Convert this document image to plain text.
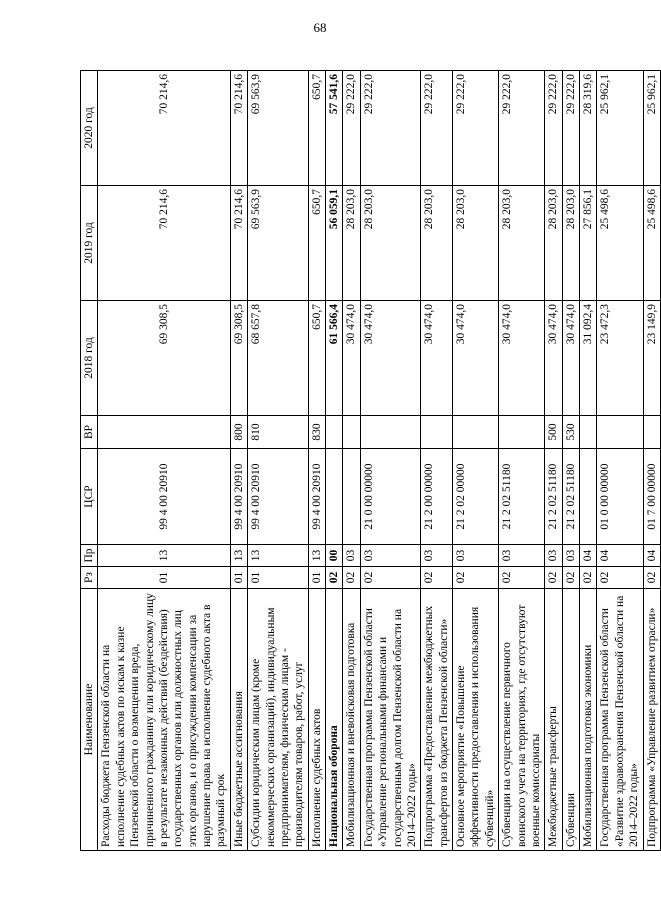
68
Наименование	Рз	Пр	ЦСР	ВР	2018 год	2019 год	2020 год
Расходы бюджета Пензенской области на исполнение судебных актов по искам к казне Пензенской области о возмещении вреда, причиненного гражданину или юридическому лицу в результате незаконных действий (бездействия) государственных органов или должностных лиц этих органов, и о присуждении компенсации за нарушение права на исполнение судебного акта в разумный срок	01	13	99 4 00 20910		69 308,5	70 214,6	70 214,6
Иные бюджетные ассигнования	01	13	99 4 00 20910	800	69 308,5	70 214,6	70 214,6
Субсидии юридическим лицам (кроме некоммерческих организаций), индивидуальным предпринимателям, физическим лицам - производителям товаров, работ, услуг	01	13	99 4 00 20910	810	68 657,8	69 563,9	69 563,9
Исполнение судебных актов	01	13	99 4 00 20910	830	650,7	650,7	650,7
Национальная оборона	02	00			61 566,4	56 059,1	57 541,6
Мобилизационная и вневойсковая подготовка	02	03			30 474,0	28 203,0	29 222,0
Государственная программа Пензенской области «Управление региональными финансами и государственным долгом Пензенской области на 2014–2022 годы»	02	03	21 0 00 00000		30 474,0	28 203,0	29 222,0
Подпрограмма «Предоставление межбюджетных трансфертов из бюджета Пензенской области»	02	03	21 2 00 00000		30 474,0	28 203,0	29 222,0
Основное мероприятие «Повышение эффективности предоставления и использования субвенций»	02	03	21 2 02 00000		30 474,0	28 203,0	29 222,0
Субвенции на осуществление первичного воинского учета на территориях, где отсутствуют военные комиссариаты	02	03	21 2 02 51180		30 474,0	28 203,0	29 222,0
Межбюджетные трансферты	02	03	21 2 02 51180	500	30 474,0	28 203,0	29 222,0
Субвенции	02	03	21 2 02 51180	530	30 474,0	28 203,0	29 222,0
Мобилизационная подготовка экономики	02	04			31 092,4	27 856,1	28 319,6
Государственная программа Пензенской области «Развитие здравоохранения Пензенской области на 2014–2022 годы»	02	04	01 0 00 00000		23 472,3	25 498,6	25 962,1
Подпрограмма «Управление развитием отрасли»	02	04	01 7 00 00000		23 149,9	25 498,6	25 962,1
